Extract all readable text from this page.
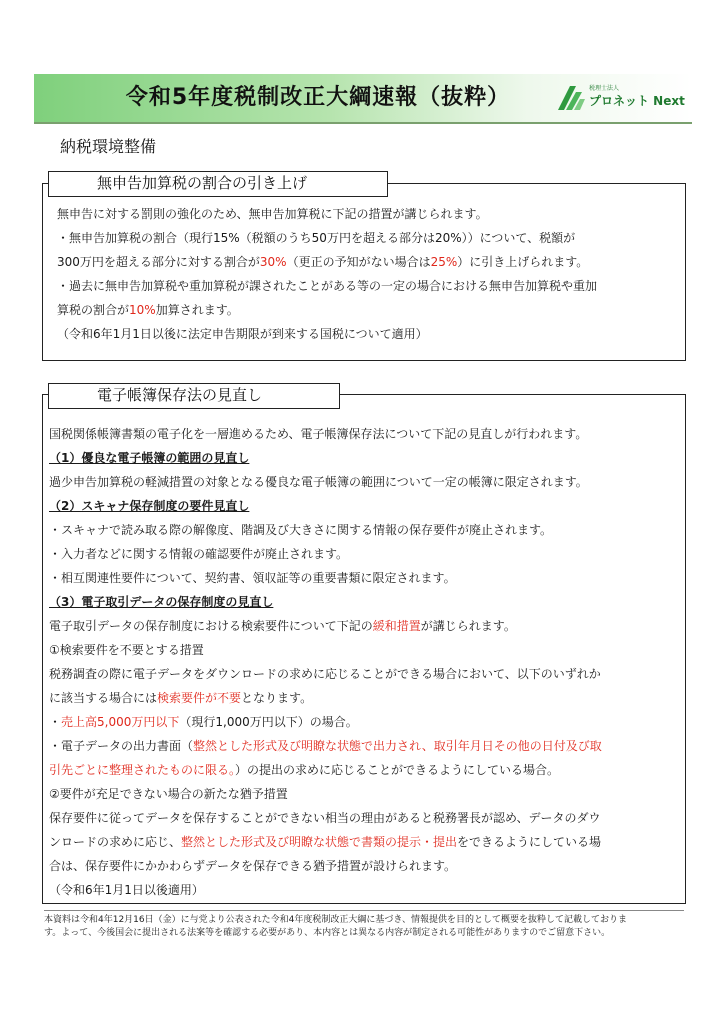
令和5年度税制改正大綱速報（抜粋）	税理士法人
プロネット Next
納税環境整備
無申告に対する罰則の強化のため、無申告加算税に下記の措置が講じられます。
・無申告加算税の割合（現行15%（税額のうち50万円を超える部分は20%））について、税額が
300万円を超える部分に対する割合が30%（更正の予知がない場合は25%）に引き上げられます。
・過去に無申告加算税や重加算税が課されたことがある等の一定の場合における無申告加算税や重加
算税の割合が10%加算されます。
（令和6年1月1日以後に法定申告期限が到来する国税について適用）
無申告加算税の割合の引き上げ
国税関係帳簿書類の電子化を一層進めるため、電子帳簿保存法について下記の見直しが行われます。
（1）優良な電子帳簿の範囲の見直し
過少申告加算税の軽減措置の対象となる優良な電子帳簿の範囲について一定の帳簿に限定されます。
（2）スキャナ保存制度の要件見直し
・スキャナで読み取る際の解像度、階調及び大きさに関する情報の保存要件が廃止されます。
・入力者などに関する情報の確認要件が廃止されます。
・相互関連性要件について、契約書、領収証等の重要書類に限定されます。
（3）電子取引データの保存制度の見直し
電子取引データの保存制度における検索要件について下記の緩和措置が講じられます。
①検索要件を不要とする措置
税務調査の際に電子データをダウンロードの求めに応じることができる場合において、以下のいずれか
に該当する場合には検索要件が不要となります。
・売上高5,000万円以下（現行1,000万円以下）の場合。
・電子データの出力書面（整然とした形式及び明瞭な状態で出力され、取引年月日その他の日付及び取
引先ごとに整理されたものに限る。）の提出の求めに応じることができるようにしている場合。
②要件が充足できない場合の新たな猶予措置
保存要件に従ってデータを保存することができない相当の理由があると税務署長が認め、データのダウ
ンロードの求めに応じ、整然とした形式及び明瞭な状態で書類の提示・提出をできるようにしている場
合は、保存要件にかかわらずデータを保存できる猶予措置が設けられます。
（令和6年1月1日以後適用）
電子帳簿保存法の見直し
本資料は令和4年12月16日（金）に与党より公表された令和4年度税制改正大綱に基づき、情報提供を目的として概要を抜粋して記載しておりま
す。よって、今後国会に提出される法案等を確認する必要があり、本内容とは異なる内容が制定される可能性がありますのでご留意下さい。
